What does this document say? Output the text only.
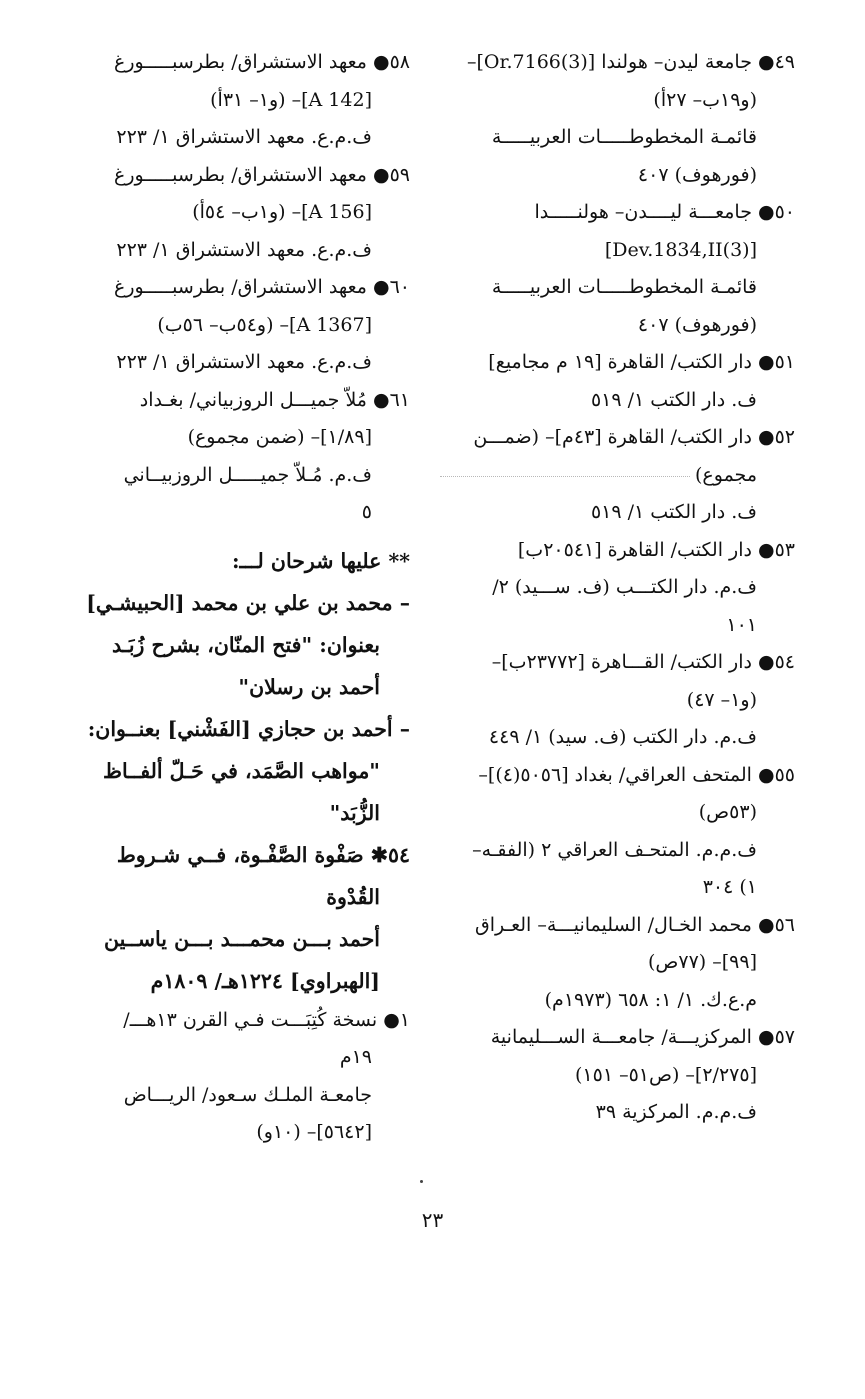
٤٩● جامعة ليدن– هولندا [Or.7166(3)]–
(و١٩ب– ٢٧أ)
قائمـة المخطوطـــــات العربيـــــة
(فورهوف) ٤٠٧
٥٠● جامعـــة ليــــدن– هولنـــــدا
[Dev.1834,II(3)]
قائمـة المخطوطـــــات العربيـــــة
(فورهوف) ٤٠٧
٥١● دار الكتب/ القاهرة [١٩ م مجاميع]
ف. دار الكتب ١/ ٥١٩
٥٢● دار الكتب/ القاهرة [٤٣م]– (ضمـــن
مجموع)
ف. دار الكتب ١/ ٥١٩
٥٣● دار الكتب/ القاهرة [٢٠٥٤١ب]
ف.م. دار الكتـــب (ف. ســـيد) ٢/
١٠١
٥٤● دار الكتب/ القـــاهرة [٢٣٧٧٢ب]–
(و١– ٤٧)
ف.م. دار الكتب (ف. سيد) ١/ ٤٤٩
٥٥● المتحف العراقي/ بغداد [٥٠٥٦(٤)]–
(٥٣ص)
ف.م.م. المتحـف العراقي ٢ (الفقـه–
١) ٣٠٤
٥٦● محمد الخـال/ السليمانيـــة– العـراق
[٩٩]– (٧٧ص)
م.ع.ك. ١/ ١: ٦٥٨ (١٩٧٣م)
٥٧● المركزيـــة/ جامعـــة الســـليمانية
[٢/٢٧٥]– (ص٥١– ١٥١)
ف.م.م. المركزية ٣٩
٥٨● معهد الاستشراق/ بطرسبـــــورغ
[A 142]– (و١– ٣١أ)
ف.م.ع. معهد الاستشراق ١/ ٢٢٣
٥٩● معهد الاستشراق/ بطرسبـــــورغ
[A 156]– (و١ب– ٥٤أ)
ف.م.ع. معهد الاستشراق ١/ ٢٢٣
٦٠● معهد الاستشراق/ بطرسبـــــورغ
[A 1367]– (و٥٤ب– ٥٦ب)
ف.م.ع. معهد الاستشراق ١/ ٢٢٣
٦١● مُلاّ جميـــل الروزبياني/ بغـداد
[١/٨٩]– (ضمن مجموع)
ف.م. مُـلاّ جميـــــل الروزبيــاني
٥
** عليها شرحان لـــ:
– محمد بن علي بن محمد [الحبيشـي]
بعنوان: "فتح المنّان، بشرح زُبَـد
أحمد بن رسلان"
– أحمد بن حجازي [الفَشْني] بعنــوان:
"مواهب الصَّمَد، في حَـلّ ألفــاظ
الزُّبَد"
٥٤✱ صَفْوة الصَّفْـوة، فــي شـروط
القُدْوة
أحمد بـــن محمـــد بـــن ياســين
[الهبراوي] ١٢٢٤هـ/ ١٨٠٩م
١● نسخة كُتِبَـــت فـي القرن ١٣هـــ/
١٩م
جامعـة الملـك سـعود/ الريـــاض
[٥٦٤٢]– (١٠و)
٢٣
